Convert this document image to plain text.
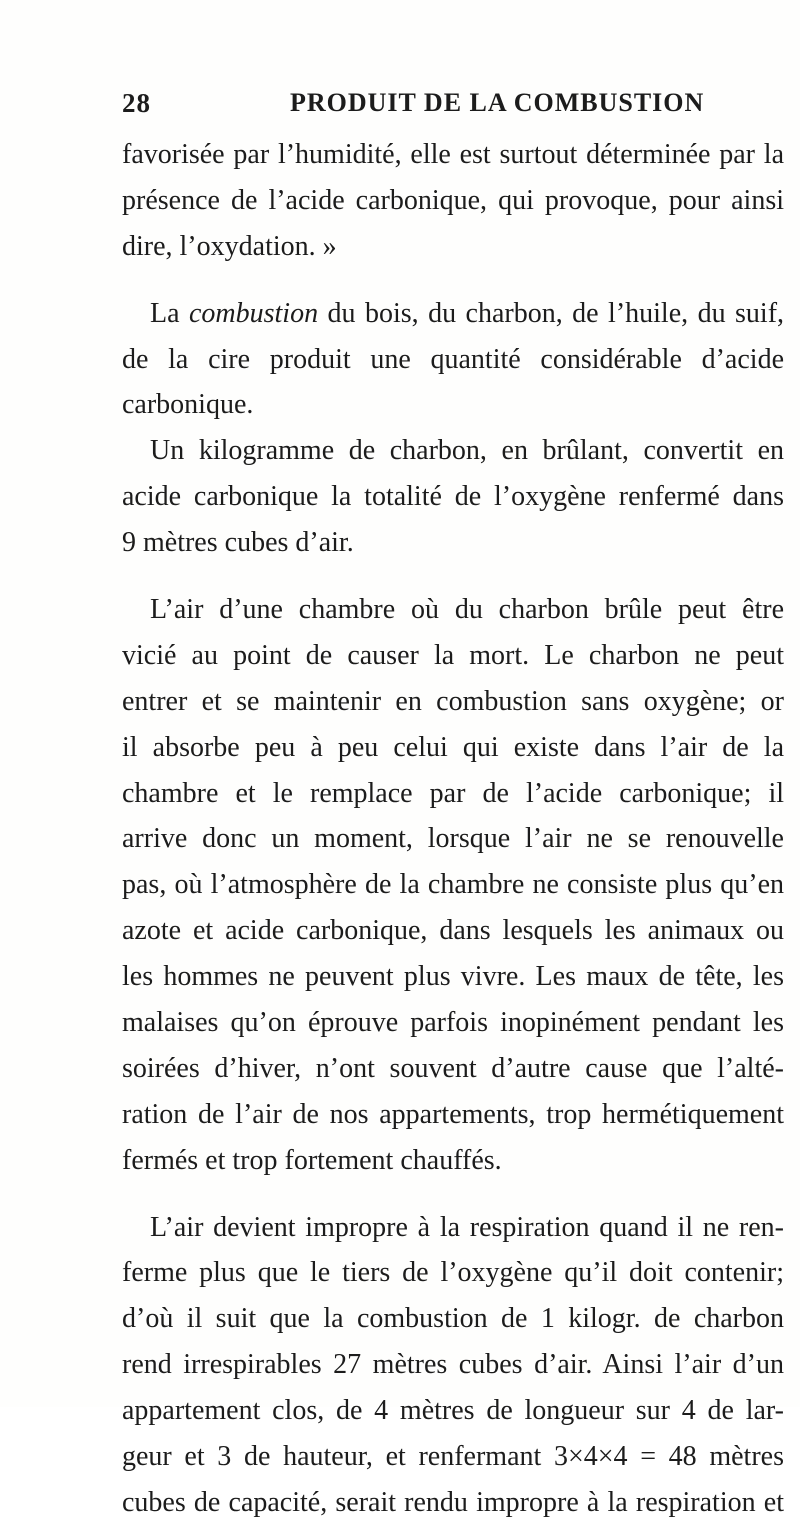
28	PRODUIT DE LA COMBUSTION
favorisée par l’humidité, elle est surtout déterminée par la
présence de l’acide carbonique, qui provoque, pour ainsi
dire, l’oxydation. »
La combustion du bois, du charbon, de l’huile, du suif,
de la cire produit une quantité considérable d’acide
carbonique.
Un kilogramme de charbon, en brûlant, convertit en
acide carbonique la totalité de l’oxygène renfermé dans
9 mètres cubes d’air.
L’air d’une chambre où du charbon brûle peut être
vicié au point de causer la mort. Le charbon ne peut
entrer et se maintenir en combustion sans oxygène; or
il absorbe peu à peu celui qui existe dans l’air de la
chambre et le remplace par de l’acide carbonique; il
arrive donc un moment, lorsque l’air ne se renouvelle
pas, où l’atmosphère de la chambre ne consiste plus qu’en
azote et acide carbonique, dans lesquels les animaux ou
les hommes ne peuvent plus vivre. Les maux de tête, les
malaises qu’on éprouve parfois inopinément pendant les
soirées d’hiver, n’ont souvent d’autre cause que l’alté-
ration de l’air de nos appartements, trop hermétiquement
fermés et trop fortement chauffés.
L’air devient impropre à la respiration quand il ne ren-
ferme plus que le tiers de l’oxygène qu’il doit contenir;
d’où il suit que la combustion de 1 kilogr. de charbon
rend irrespirables 27 mètres cubes d’air. Ainsi l’air d’un
appartement clos, de 4 mètres de longueur sur 4 de lar-
geur et 3 de hauteur, et renfermant 3×4×4 = 48 mètres
cubes de capacité, serait rendu impropre à la respiration et
